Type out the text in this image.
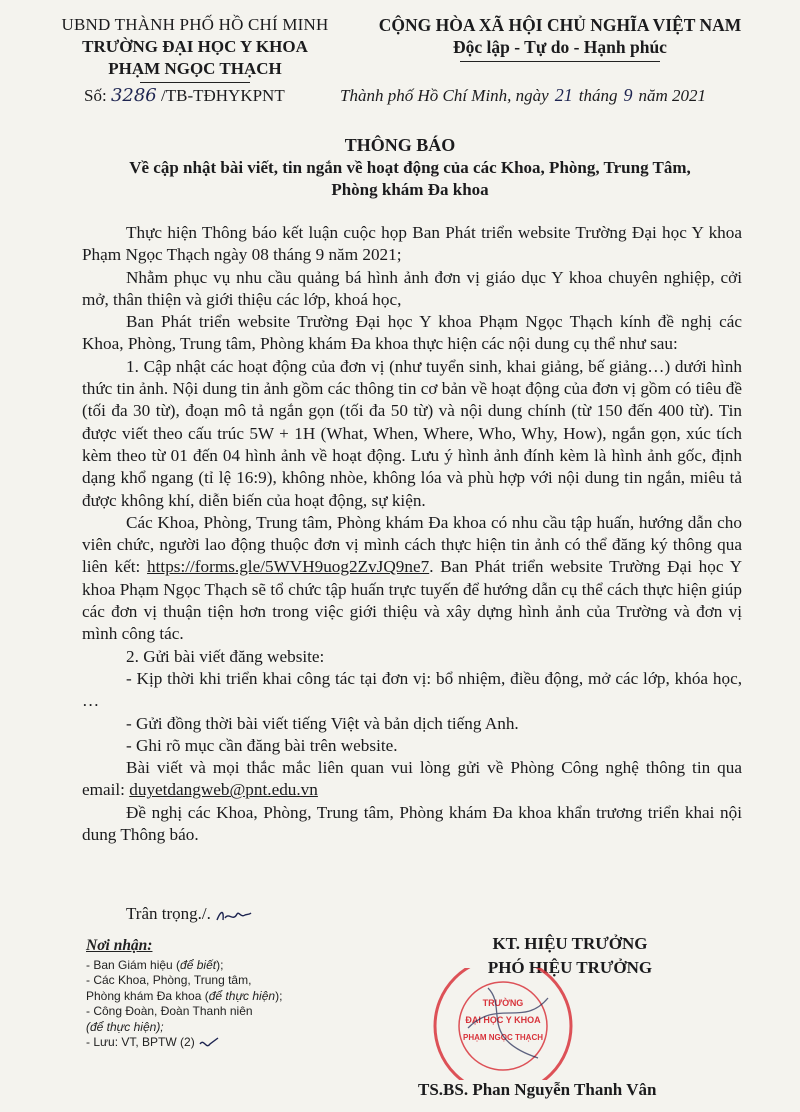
UBND THÀNH PHỐ HỒ CHÍ MINH
TRƯỜNG ĐẠI HỌC Y KHOA
PHẠM NGỌC THẠCH
CỘNG HÒA XÃ HỘI CHỦ NGHĨA VIỆT NAM
Độc lập - Tự do - Hạnh phúc
Số: 3286 /TB-TĐHYKPNT	Thành phố Hồ Chí Minh, ngày 21 tháng 9 năm 2021
THÔNG BÁO
Về cập nhật bài viết, tin ngắn về hoạt động của các Khoa, Phòng, Trung Tâm,
Phòng khám Đa khoa

Thực hiện Thông báo kết luận cuộc họp Ban Phát triển website Trường Đại học Y khoa Phạm Ngọc Thạch ngày 08 tháng 9 năm 2021;

Nhằm phục vụ nhu cầu quảng bá hình ảnh đơn vị giáo dục Y khoa chuyên nghiệp, cởi mở, thân thiện và giới thiệu các lớp, khoá học,

Ban Phát triển website Trường Đại học Y khoa Phạm Ngọc Thạch kính đề nghị các Khoa, Phòng, Trung tâm, Phòng khám Đa khoa thực hiện các nội dung cụ thể như sau:

1. Cập nhật các hoạt động của đơn vị (như tuyển sinh, khai giảng, bế giảng…) dưới hình thức tin ảnh. Nội dung tin ảnh gồm các thông tin cơ bản về hoạt động của đơn vị gồm có tiêu đề (tối đa 30 từ), đoạn mô tả ngắn gọn (tối đa 50 từ) và nội dung chính (từ 150 đến 400 từ). Tin được viết theo cấu trúc 5W + 1H (What, When, Where, Who, Why, How), ngắn gọn, xúc tích kèm theo từ 01 đến 04 hình ảnh về hoạt động. Lưu ý hình ảnh đính kèm là hình ảnh gốc, định dạng khổ ngang (tỉ lệ 16:9), không nhòe, không lóa và phù hợp với nội dung tin ngắn, miêu tả được không khí, diễn biến của hoạt động, sự kiện.

Các Khoa, Phòng, Trung tâm, Phòng khám Đa khoa có nhu cầu tập huấn, hướng dẫn cho viên chức, người lao động thuộc đơn vị mình cách thực hiện tin ảnh có thể đăng ký thông qua liên kết: https://forms.gle/5WVH9uog2ZvJQ9ne7. Ban Phát triển website Trường Đại học Y khoa Phạm Ngọc Thạch sẽ tổ chức tập huấn trực tuyến để hướng dẫn cụ thể cách thực hiện giúp các đơn vị thuận tiện hơn trong việc giới thiệu và xây dựng hình ảnh của Trường và đơn vị mình công tác.

2. Gửi bài viết đăng website:

- Kịp thời khi triển khai công tác tại đơn vị: bổ nhiệm, điều động, mở các lớp, khóa học, …

- Gửi đồng thời bài viết tiếng Việt và bản dịch tiếng Anh.

- Ghi rõ mục cần đăng bài trên website.

Bài viết và mọi thắc mắc liên quan vui lòng gửi về Phòng Công nghệ thông tin qua email: duyetdangweb@pnt.edu.vn

Đề nghị các Khoa, Phòng, Trung tâm, Phòng khám Đa khoa khẩn trương triển khai nội dung Thông báo.

Trân trọng./.
Nơi nhận:
- Ban Giám hiệu (để biết);
- Các Khoa, Phòng, Trung tâm,
Phòng khám Đa khoa (để thực hiện);
- Công Đoàn, Đoàn Thanh niên
(để thực hiện);
- Lưu: VT, BPTW (2)
KT. HIỆU TRƯỞNG
PHÓ HIỆU TRƯỞNG
TRƯỜNG
ĐẠI HỌC Y KHOA
PHẠM NGỌC THẠCH
TS.BS. Phan Nguyễn Thanh Vân
